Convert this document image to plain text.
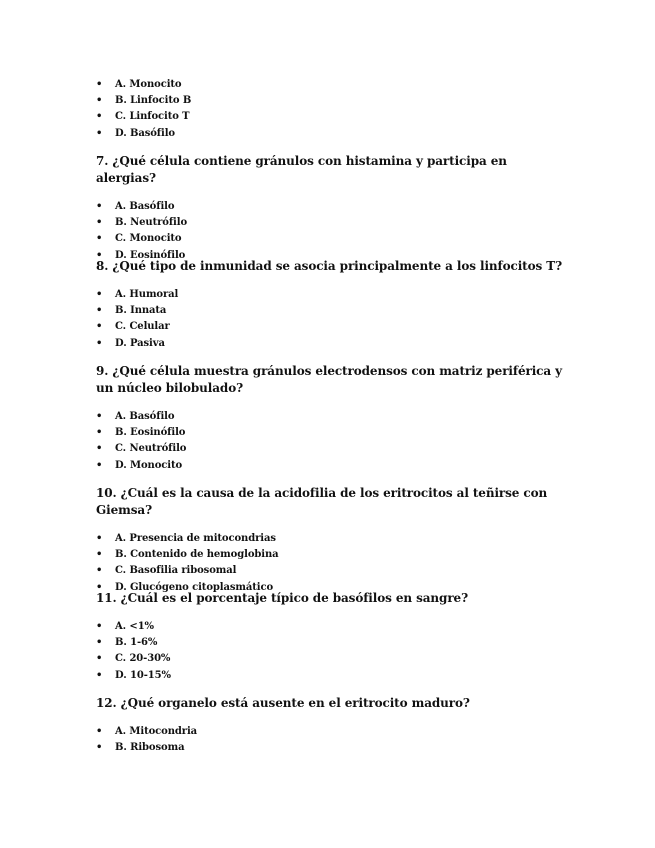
• A. Monocito
• B. Linfocito B
• C. Linfocito T
• D. Basófilo

7. ¿Qué célula contiene gránulos con histamina y participa en alergias?

• A. Basófilo
• B. Neutrófilo
• C. Monocito
• D. Eosinófilo

8. ¿Qué tipo de inmunidad se asocia principalmente a los linfocitos T?

• A. Humoral
• B. Innata
• C. Celular
• D. Pasiva

9. ¿Qué célula muestra gránulos electrodensos con matriz periférica y un núcleo bilobulado?

• A. Basófilo
• B. Eosinófilo
• C. Neutrófilo
• D. Monocito

10. ¿Cuál es la causa de la acidofilia de los eritrocitos al teñirse con Giemsa?

• A. Presencia de mitocondrias
• B. Contenido de hemoglobina
• C. Basofilia ribosomal
• D. Glucógeno citoplasmático

11. ¿Cuál es el porcentaje típico de basófilos en sangre?

• A. <1%
• B. 1-6%
• C. 20-30%
• D. 10-15%

12. ¿Qué organelo está ausente en el eritrocito maduro?

• A. Mitocondria
• B. Ribosoma
